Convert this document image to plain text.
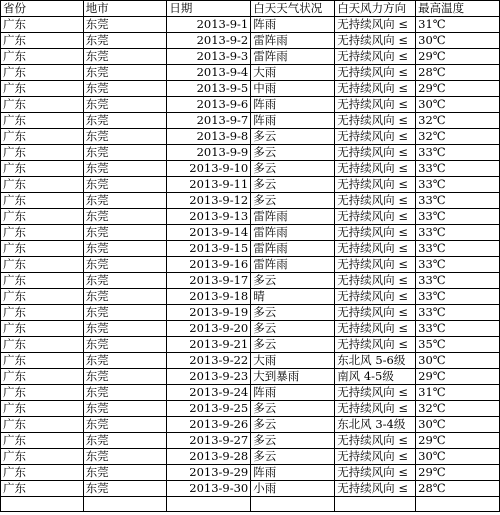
省份	地市	日期	白天天气状况	白天风力方向	最高温度
广东	东莞	2013-9-1	阵雨	无持续风向 ≤	31℃
广东	东莞	2013-9-2	雷阵雨	无持续风向 ≤	30℃
广东	东莞	2013-9-3	雷阵雨	无持续风向 ≤	29℃
广东	东莞	2013-9-4	大雨	无持续风向 ≤	28℃
广东	东莞	2013-9-5	中雨	无持续风向 ≤	29℃
广东	东莞	2013-9-6	阵雨	无持续风向 ≤	30℃
广东	东莞	2013-9-7	阵雨	无持续风向 ≤	32℃
广东	东莞	2013-9-8	多云	无持续风向 ≤	32℃
广东	东莞	2013-9-9	多云	无持续风向 ≤	33℃
广东	东莞	2013-9-10	多云	无持续风向 ≤	33℃
广东	东莞	2013-9-11	多云	无持续风向 ≤	33℃
广东	东莞	2013-9-12	多云	无持续风向 ≤	33℃
广东	东莞	2013-9-13	雷阵雨	无持续风向 ≤	33℃
广东	东莞	2013-9-14	雷阵雨	无持续风向 ≤	33℃
广东	东莞	2013-9-15	雷阵雨	无持续风向 ≤	33℃
广东	东莞	2013-9-16	雷阵雨	无持续风向 ≤	33℃
广东	东莞	2013-9-17	多云	无持续风向 ≤	33℃
广东	东莞	2013-9-18	晴	无持续风向 ≤	33℃
广东	东莞	2013-9-19	多云	无持续风向 ≤	33℃
广东	东莞	2013-9-20	多云	无持续风向 ≤	33℃
广东	东莞	2013-9-21	多云	无持续风向 ≤	35℃
广东	东莞	2013-9-22	大雨	东北风 5-6级	30℃
广东	东莞	2013-9-23	大到暴雨	南风 4-5级	29℃
广东	东莞	2013-9-24	阵雨	无持续风向 ≤	31℃
广东	东莞	2013-9-25	多云	无持续风向 ≤	32℃
广东	东莞	2013-9-26	多云	东北风 3-4级	30℃
广东	东莞	2013-9-27	多云	无持续风向 ≤	29℃
广东	东莞	2013-9-28	多云	无持续风向 ≤	30℃
广东	东莞	2013-9-29	阵雨	无持续风向 ≤	29℃
广东	东莞	2013-9-30	小雨	无持续风向 ≤	28℃
